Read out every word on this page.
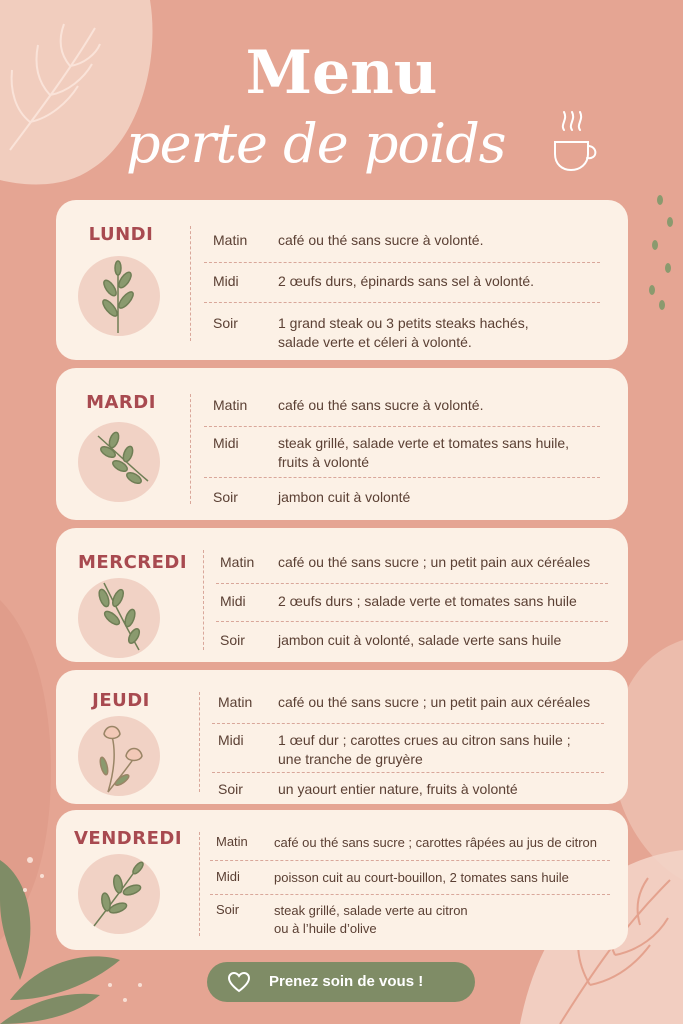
Menu
perte de poids
LUNDI	Matin café ou thé sans sucre à volonté.
Midi	2 œufs durs, épinards sans sel à volonté.
Soir	1 grand steak ou 3 petits steaks hachés,
salade verte et céleri à volonté.
MARDI	Matin café ou thé sans sucre à volonté.
Midi	steak grillé, salade verte et tomates sans huile,
fruits à volonté
Soir	jambon cuit à volonté
MERCREDI	Matin café ou thé sans sucre ; un petit pain aux céréales
Midi 2 œufs durs ; salade verte et tomates sans huile
Soir jambon cuit à volonté, salade verte sans huile
JEUDI	Matin café ou thé sans sucre ; un petit pain aux céréales
Midi 1 œuf dur ; carottes crues au citron sans huile ;
une tranche de gruyère
Soir	un yaourt entier nature, fruits à volonté
VENDREDI	Matin café ou thé sans sucre ; carottes râpées au jus de citron
Midi	poisson cuit au court-bouillon, 2 tomates sans huile
Soir	steak grillé, salade verte au citron
ou à l’huile d’olive
Prenez soin de vous !
